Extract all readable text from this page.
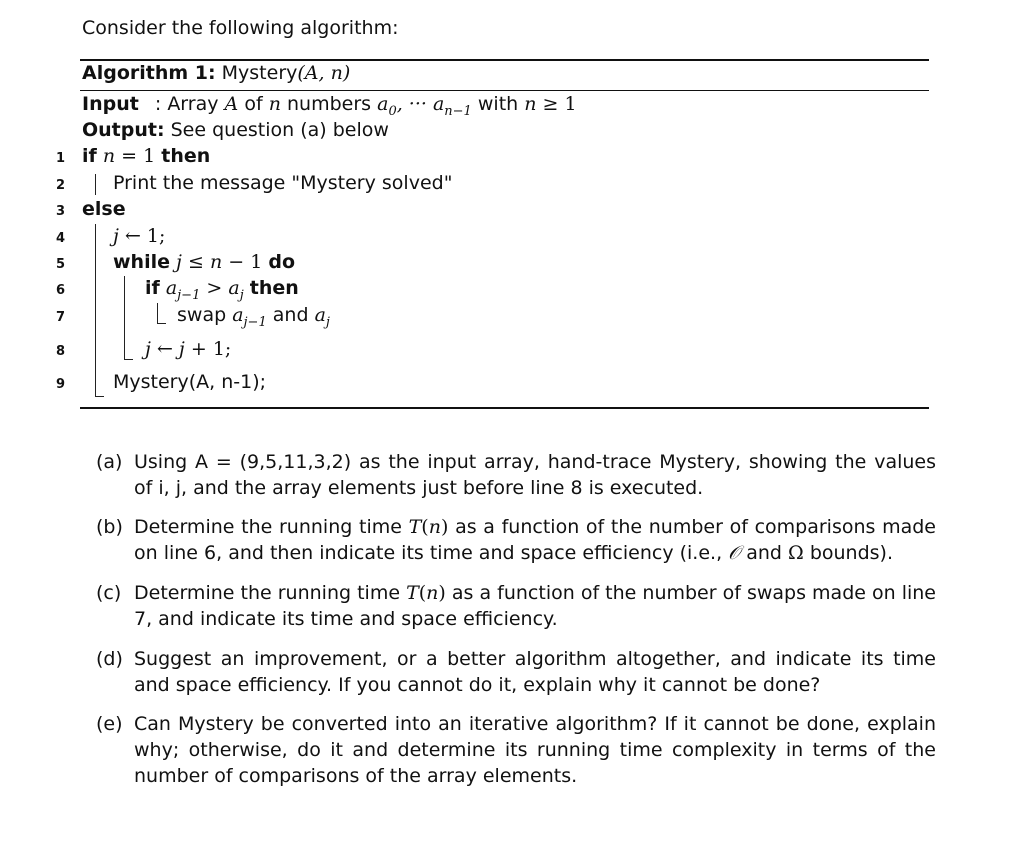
Consider the following algorithm:
Algorithm 1: Mystery(A, n)
Input : Array A of n numbers $a_0$, ··· $a_{n-1}$ with n ≥ 1
Output: See question (a) below
1 if n = 1 then
2	Print the message "Mystery solved"
3 else
4	j ← 1;
5	while j ≤ n − 1 do
6	if $a_{j-1} > a_j$ then
7	swap $a_{j-1}$ and $a_j$
8	j ← j + 1;
9	Mystery(A, n-1);
(a) Using A = (9,5,11,3,2) as the input array, hand-trace Mystery, showing the values of i, j, and the array elements just before line 8 is executed.
(b) Determine the running time T(n) as a function of the number of comparisons made on line 6, and then indicate its time and space efficiency (i.e., 𝒪 and Ω bounds).
(c) Determine the running time T(n) as a function of the number of swaps made on line 7, and indicate its time and space efficiency.
(d) Suggest an improvement, or a better algorithm altogether, and indicate its time and space efficiency. If you cannot do it, explain why it cannot be done?
(e) Can Mystery be converted into an iterative algorithm? If it cannot be done, explain why; otherwise, do it and determine its running time complexity in terms of the number of comparisons of the array elements.
